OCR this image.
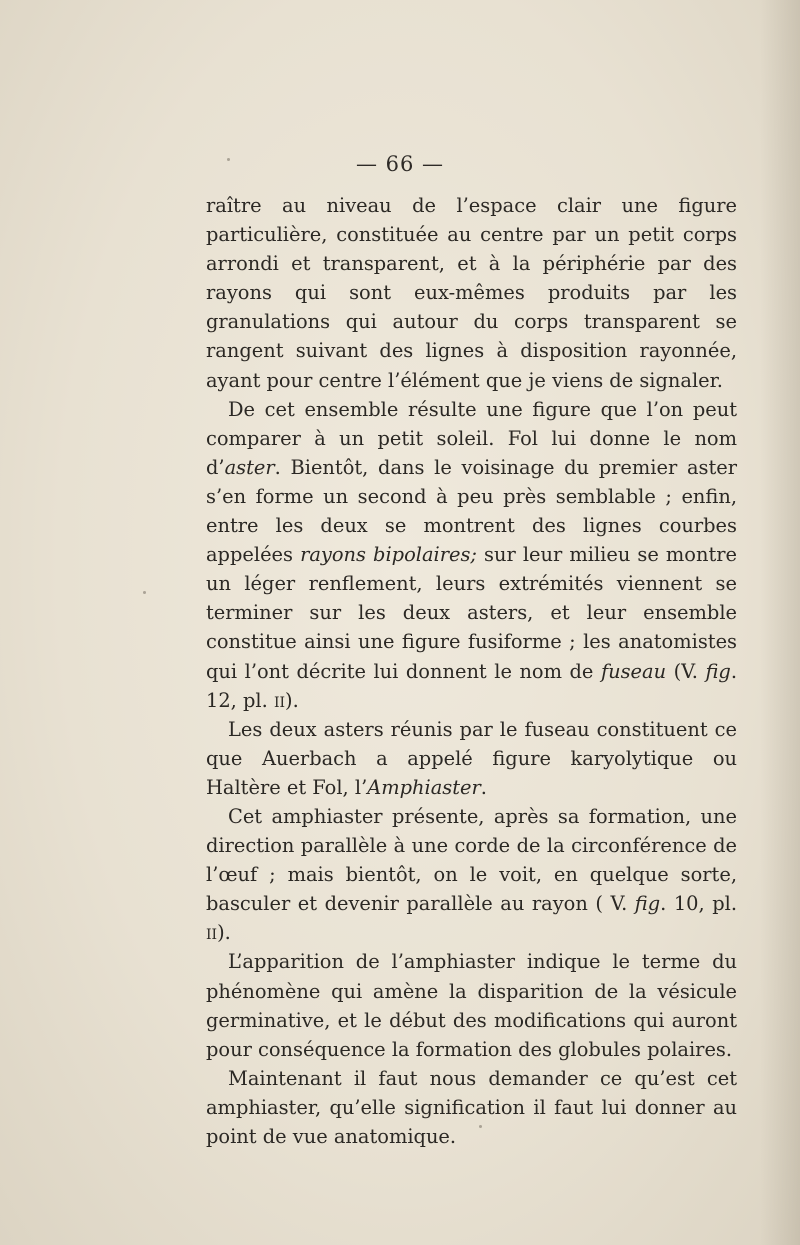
— 66 —

raître au niveau de l’espace clair une figure particulière, constituée au centre par un petit corps arrondi et transparent, et à la périphérie par des rayons qui sont eux-mêmes produits par les granulations qui autour du corps transparent se rangent suivant des lignes à disposition rayonnée, ayant pour centre l’élément que je viens de signaler.

De cet ensemble résulte une figure que l’on peut comparer à un petit soleil. Fol lui donne le nom d’aster. Bientôt, dans le voisinage du premier aster s’en forme un second à peu près semblable ; enfin, entre les deux se montrent des lignes courbes appelées rayons bipolaires; sur leur milieu se montre un léger renflement, leurs extrémités viennent se terminer sur les deux asters, et leur ensemble constitue ainsi une figure fusiforme ; les anatomistes qui l’ont décrite lui donnent le nom de fuseau (V. fig. 12, pl. ii).

Les deux asters réunis par le fuseau constituent ce que Auerbach a appelé figure karyolytique ou Haltère et Fol, l’Amphiaster.

Cet amphiaster présente, après sa formation, une direction parallèle à une corde de la circonférence de l’œuf ; mais bientôt, on le voit, en quelque sorte, basculer et devenir parallèle au rayon ( V. fig. 10, pl. ii).

L’apparition de l’amphiaster indique le terme du phénomène qui amène la disparition de la vésicule germinative, et le début des modifications qui auront pour conséquence la formation des globules polaires.

Maintenant il faut nous demander ce qu’est cet amphiaster, qu’elle signification il faut lui donner au point de vue anatomique.
